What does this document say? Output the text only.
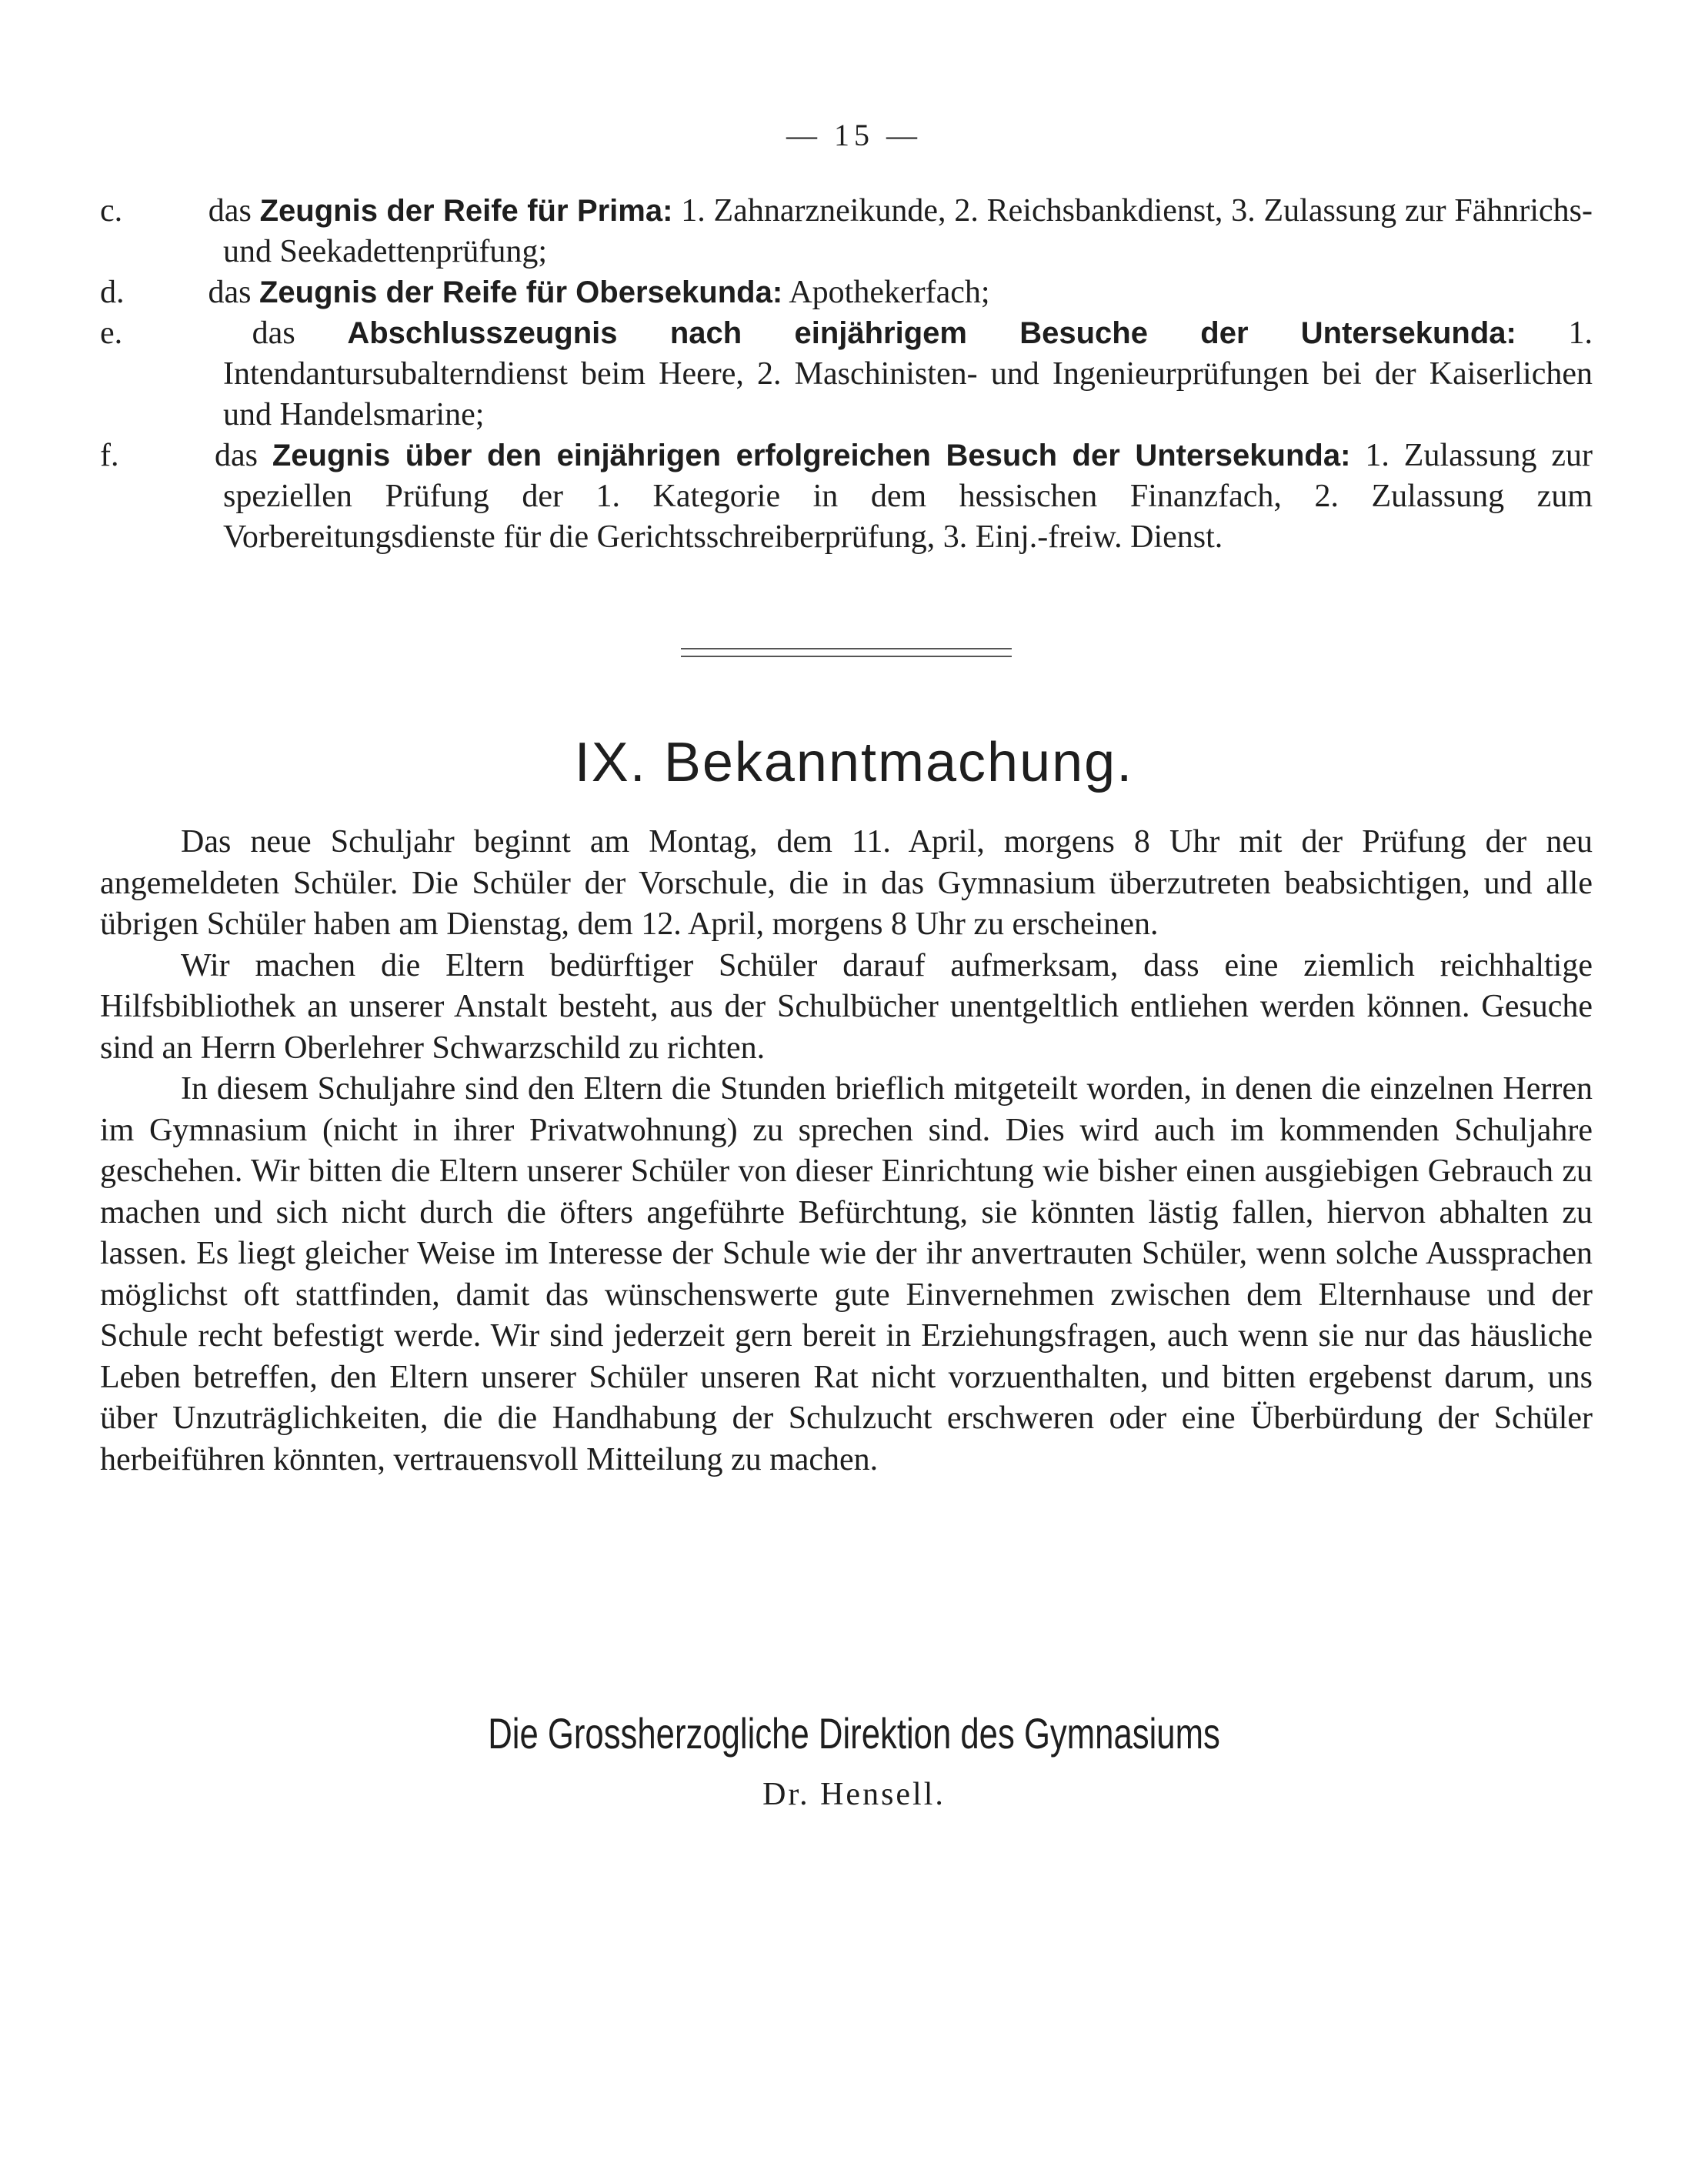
— 15 —

c.	das Zeugnis der Reife für Prima: 1. Zahnarzneikunde, 2. Reichsbankdienst, 3. Zulassung zur Fähnrichs- und Seekadettenprüfung;

d.	das Zeugnis der Reife für Obersekunda: Apothekerfach;

e.	das Abschlusszeugnis nach einjährigem Besuche der Untersekunda: 1. Intendantursubalterndienst beim Heere, 2. Maschinisten- und Ingenieurprüfungen bei der Kaiserlichen und Handelsmarine;

f.	das Zeugnis über den einjährigen erfolgreichen Besuch der Untersekunda: 1. Zulassung zur speziellen Prüfung der 1. Kategorie in dem hessischen Finanzfach, 2. Zulassung zum Vorbereitungsdienste für die Gerichtsschreiberprüfung, 3. Einj.-freiw. Dienst.

IX. Bekanntmachung.

Das neue Schuljahr beginnt am Montag, dem 11. April, morgens 8 Uhr mit der Prüfung der neu angemeldeten Schüler. Die Schüler der Vorschule, die in das Gymnasium überzutreten beabsichtigen, und alle übrigen Schüler haben am Dienstag, dem 12. April, morgens 8 Uhr zu erscheinen.

Wir machen die Eltern bedürftiger Schüler darauf aufmerksam, dass eine ziemlich reichhaltige Hilfsbibliothek an unserer Anstalt besteht, aus der Schulbücher unentgeltlich entliehen werden können. Gesuche sind an Herrn Oberlehrer Schwarzschild zu richten.

In diesem Schuljahre sind den Eltern die Stunden brieflich mitgeteilt worden, in denen die einzelnen Herren im Gymnasium (nicht in ihrer Privatwohnung) zu sprechen sind. Dies wird auch im kommenden Schuljahre geschehen. Wir bitten die Eltern unserer Schüler von dieser Einrichtung wie bisher einen ausgiebigen Gebrauch zu machen und sich nicht durch die öfters angeführte Befürchtung, sie könnten lästig fallen, hiervon abhalten zu lassen. Es liegt gleicher Weise im Interesse der Schule wie der ihr anvertrauten Schüler, wenn solche Aussprachen möglichst oft stattfinden, damit das wünschenswerte gute Einvernehmen zwischen dem Elternhause und der Schule recht befestigt werde. Wir sind jederzeit gern bereit in Erziehungsfragen, auch wenn sie nur das häusliche Leben betreffen, den Eltern unserer Schüler unseren Rat nicht vorzuenthalten, und bitten ergebenst darum, uns über Unzuträglichkeiten, die die Handhabung der Schulzucht erschweren oder eine Überbürdung der Schüler herbeiführen könnten, vertrauensvoll Mitteilung zu machen.

Die Grossherzogliche Direktion des Gymnasiums
Dr. Hensell.
